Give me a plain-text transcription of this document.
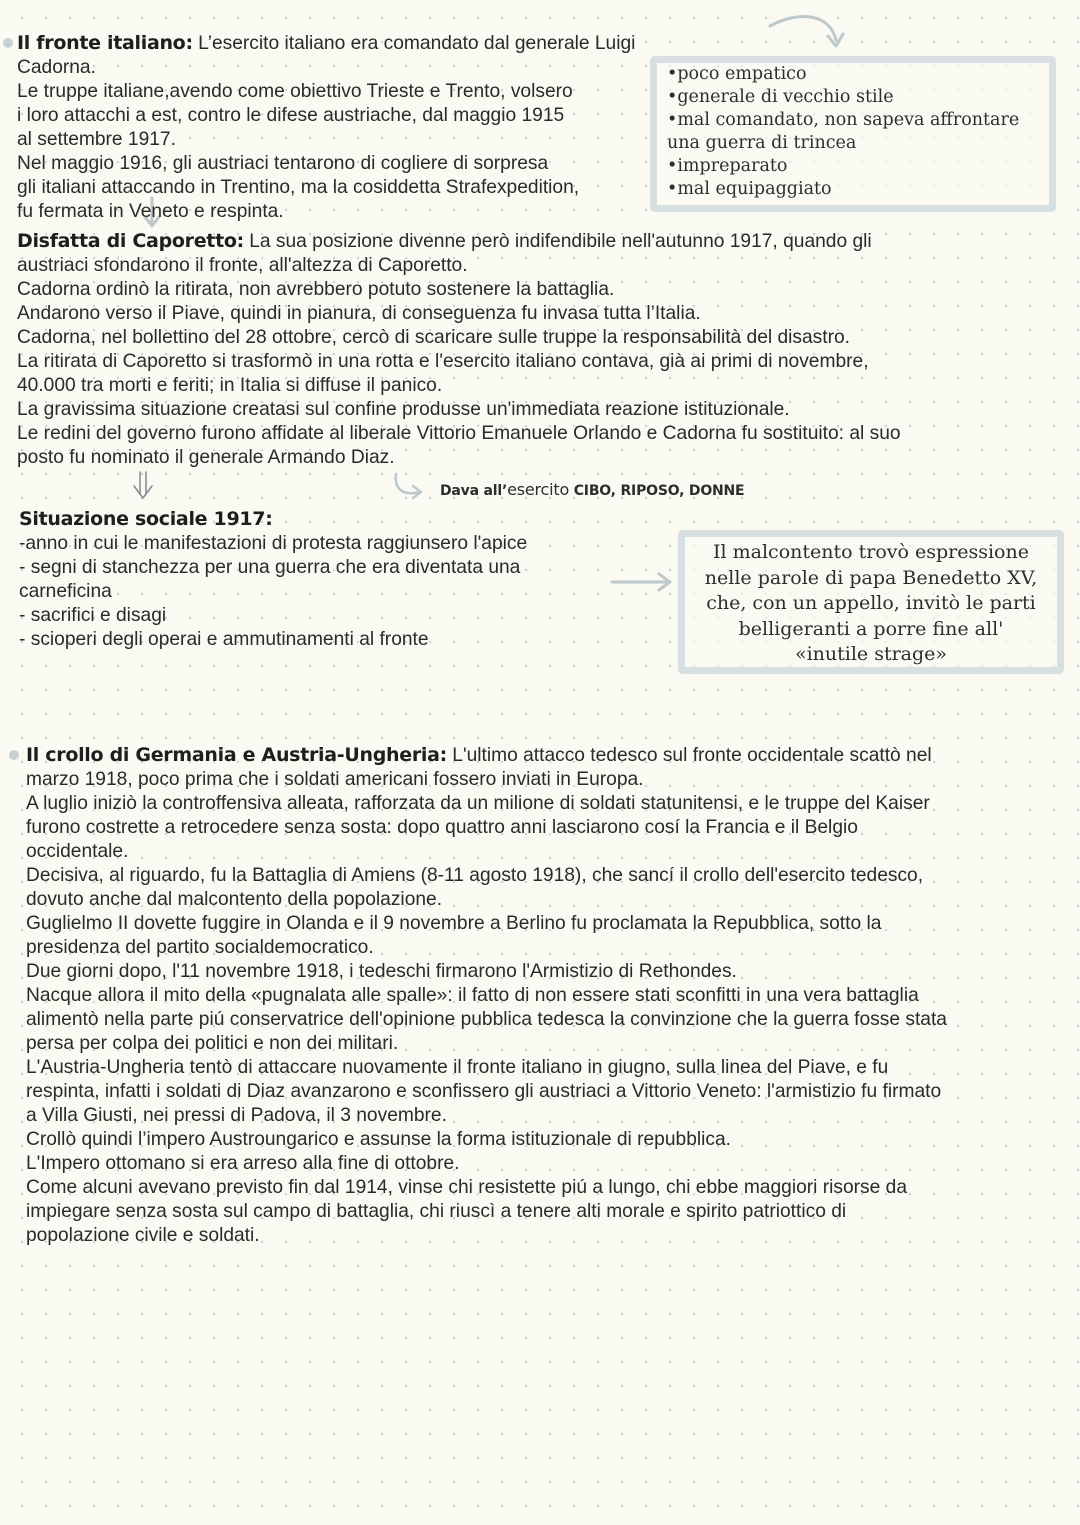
Il fronte italiano: L’esercito italiano era comandato dal generale Luigi Cadorna.
Le truppe italiane,avendo come obiettivo Trieste e Trento, volsero
i loro attacchi a est, contro le difese austriache, dal maggio 1915
al settembre 1917.
Nel maggio 1916, gli austriaci tentarono di cogliere di sorpresa
gli italiani attaccando in Trentino, ma la cosiddetta Strafexpedition,
fu fermata in Veneto e respinta.

•poco empatico
•generale di vecchio stile
•mal comandato, non sapeva affrontare
una guerra di trincea
•impreparato
•mal equipaggiato

Disfatta di Caporetto: La sua posizione divenne però indifendibile nell'autunno 1917, quando gli
austriaci sfondarono il fronte, all'altezza di Caporetto.
Cadorna ordinò la ritirata, non avrebbero potuto sostenere la battaglia.
Andarono verso il Piave, quindi in pianura, di conseguenza fu invasa tutta l’Italia.
Cadorna, nel bollettino del 28 ottobre, cercò di scaricare sulle truppe la responsabilità del disastro.
La ritirata di Caporetto si trasformò in una rotta e l'esercito italiano contava, già ai primi di novembre,
40.000 tra morti e feriti; in Italia si diffuse il panico.
La gravissima situazione creatasi sul confine produsse un'immediata reazione istituzionale.
Le redini del governo furono affidate al liberale Vittorio Emanuele Orlando e Cadorna fu sostituito: al suo
posto fu nominato il generale Armando Diaz.

Dava all’esercito CIBO, RIPOSO, DONNE

Situazione sociale 1917:
-anno in cui le manifestazioni di protesta raggiunsero l'apice
- segni di stanchezza per una guerra che era diventata una
carneficina
- sacrifici e disagi
- scioperi degli operai e ammutinamenti al fronte

Il malcontento trovò espressione
nelle parole di papa Benedetto XV,
che, con un appello, invitò le parti
belligeranti a porre fine all'
«inutile strage»

Il crollo di Germania e Austria-Ungheria: L'ultimo attacco tedesco sul fronte occidentale scattò nel
marzo 1918, poco prima che i soldati americani fossero inviati in Europa.
A luglio iniziò la controffensiva alleata, rafforzata da un milione di soldati statunitensi, e le truppe del Kaiser
furono costrette a retrocedere senza sosta: dopo quattro anni lasciarono cosí la Francia e il Belgio
occidentale.
Decisiva, al riguardo, fu la Battaglia di Amiens (8-11 agosto 1918), che sancí il crollo dell'esercito tedesco,
dovuto anche dal malcontento della popolazione.
Guglielmo II dovette fuggire in Olanda e il 9 novembre a Berlino fu proclamata la Repubblica, sotto la
presidenza del partito socialdemocratico.
Due giorni dopo, l'11 novembre 1918, i tedeschi firmarono l'Armistizio di Rethondes.
Nacque allora il mito della «pugnalata alle spalle»: il fatto di non essere stati sconfitti in una vera battaglia
alimentò nella parte piú conservatrice dell'opinione pubblica tedesca la convinzione che la guerra fosse stata
persa per colpa dei politici e non dei militari.
L'Austria-Ungheria tentò di attaccare nuovamente il fronte italiano in giugno, sulla linea del Piave, e fu
respinta, infatti i soldati di Diaz avanzarono e sconfissero gli austriaci a Vittorio Veneto: l'armistizio fu firmato
a Villa Giusti, nei pressi di Padova, il 3 novembre.
Crollò quindi l’impero Austroungarico e assunse la forma istituzionale di repubblica.
L'Impero ottomano si era arreso alla fine di ottobre.
Come alcuni avevano previsto fin dal 1914, vinse chi resistette piú a lungo, chi ebbe maggiori risorse da
impiegare senza sosta sul campo di battaglia, chi riuscì a tenere alti morale e spirito patriottico di
popolazione civile e soldati.
